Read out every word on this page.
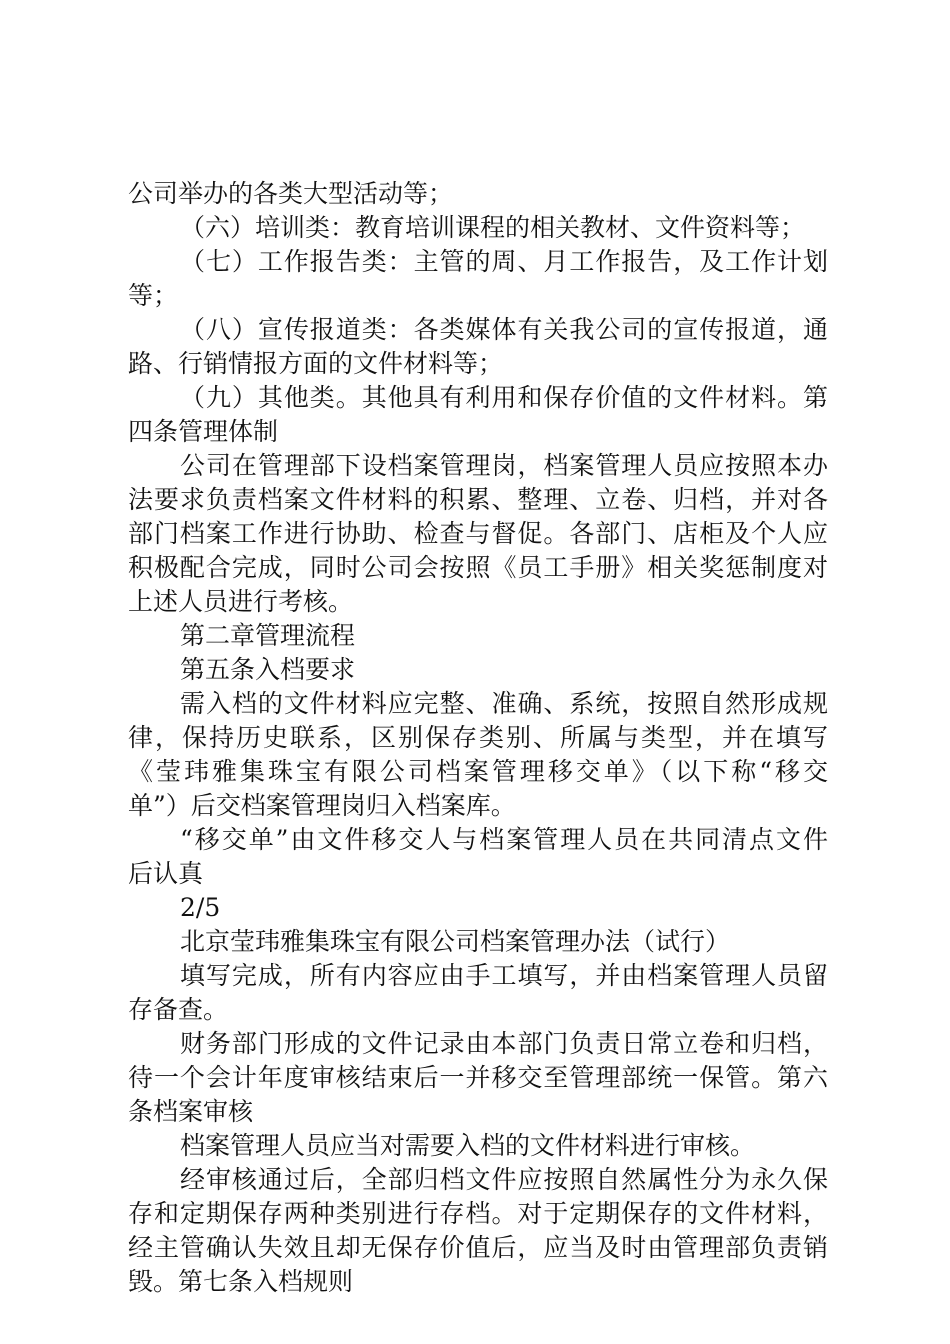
公司举办的各类大型活动等；
（六）培训类：教育培训课程的相关教材、文件资料等；
（七）工作报告类：主管的周、月工作报告，及工作计划
等；
（八）宣传报道类：各类媒体有关我公司的宣传报道，通
路、行销情报方面的文件材料等；
（九）其他类。其他具有利用和保存价值的文件材料。第
四条管理体制
公司在管理部下设档案管理岗，档案管理人员应按照本办
法要求负责档案文件材料的积累、整理、立卷、归档，并对各
部门档案工作进行协助、检查与督促。各部门、店柜及个人应
积极配合完成，同时公司会按照《员工手册》相关奖惩制度对
上述人员进行考核。
第二章管理流程
第五条入档要求
需入档的文件材料应完整、准确、系统，按照自然形成规
律，保持历史联系，区别保存类别、所属与类型，并在填写
《莹玮雅集珠宝有限公司档案管理移交单》（以下称“移交
单”）后交档案管理岗归入档案库。
“移交单”由文件移交人与档案管理人员在共同清点文件
后认真
2/5
北京莹玮雅集珠宝有限公司档案管理办法（试行）
填写完成，所有内容应由手工填写，并由档案管理人员留
存备查。
财务部门形成的文件记录由本部门负责日常立卷和归档，
待一个会计年度审核结束后一并移交至管理部统一保管。第六
条档案审核
档案管理人员应当对需要入档的文件材料进行审核。
经审核通过后，全部归档文件应按照自然属性分为永久保
存和定期保存两种类别进行存档。对于定期保存的文件材料，
经主管确认失效且却无保存价值后，应当及时由管理部负责销
毁。第七条入档规则
